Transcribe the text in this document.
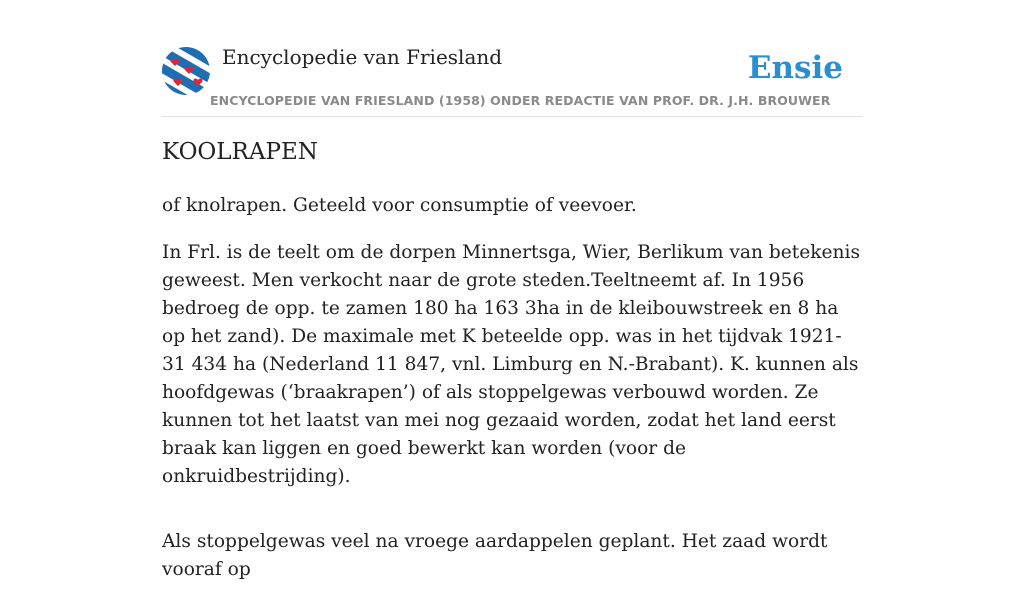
Encyclopedie van Friesland
ENCYCLOPEDIE VAN FRIESLAND (1958) ONDER REDACTIE VAN PROF. DR. J.H. BROUWER
Ensie
KOOLRAPEN

of knolrapen. Geteeld voor consumptie of veevoer.

In Frl. is de teelt om de dorpen Minnertsga, Wier, Berlikum van betekenis geweest. Men verkocht naar de grote steden.Teeltneemt af. In 1956 bedroeg de opp. te zamen 180 ha 163 3ha in de kleibouwstreek en 8 ha op het zand). De maximale met K beteelde opp. was in het tijdvak 1921-31 434 ha (Nederland 11 847, vnl. Limburg en N.-Brabant). K. kunnen als hoofdgewas (‘braakrapen’) of als stoppelgewas verbouwd worden. Ze kunnen tot het laatst van mei nog gezaaid worden, zodat het land eerst braak kan liggen en goed bewerkt kan worden (voor de onkruidbestrijding).

Als stoppelgewas veel na vroege aardappelen geplant. Het zaad wordt vooraf op
